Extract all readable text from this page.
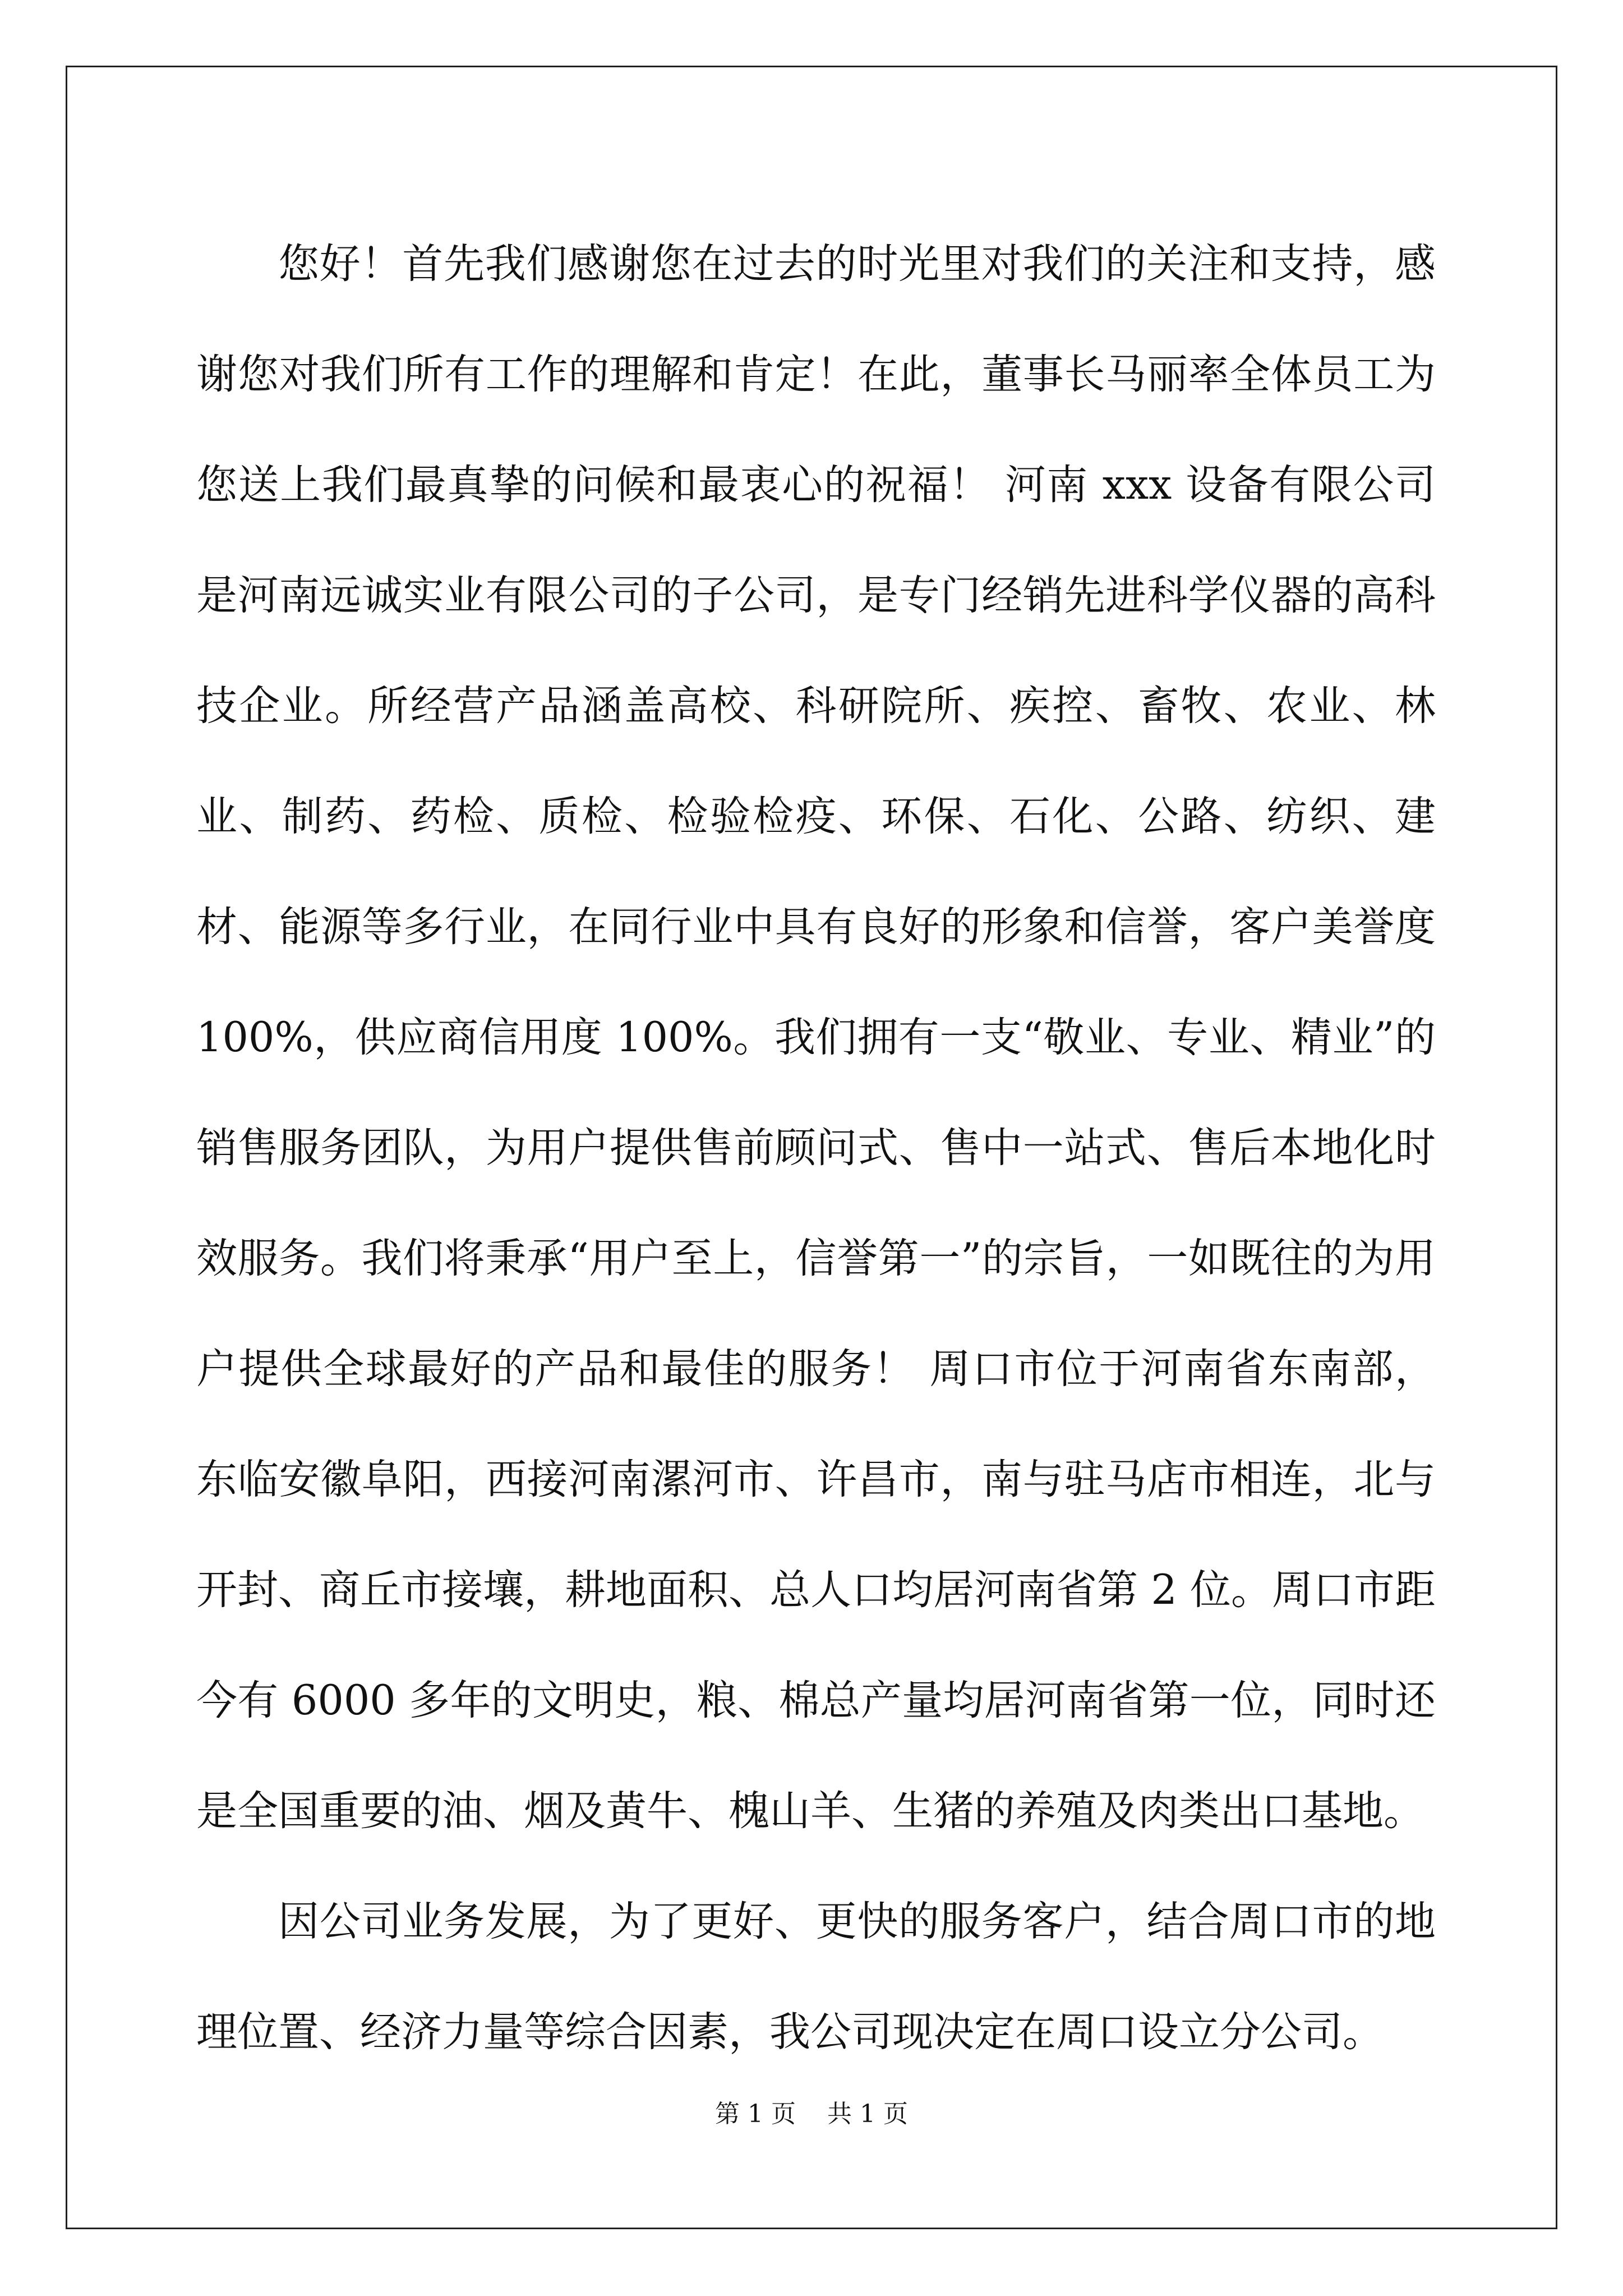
您好！首先我们感谢您在过去的时光里对我们的关注和支持，感谢您对我们所有工作的理解和肯定！在此，董事长马丽率全体员工为您送上我们最真挚的问候和最衷心的祝福！ 河南 xxx 设备有限公司是河南远诚实业有限公司的子公司，是专门经销先进科学仪器的高科技企业。所经营产品涵盖高校、科研院所、疾控、畜牧、农业、林业、制药、药检、质检、检验检疫、环保、石化、公路、纺织、建材、能源等多行业，在同行业中具有良好的形象和信誉，客户美誉度 100%，供应商信用度 100%。我们拥有一支“敬业、专业、精业”的销售服务团队，为用户提供售前顾问式、售中一站式、售后本地化时效服务。我们将秉承“用户至上，信誉第一”的宗旨，一如既往的为用户提供全球最好的产品和最佳的服务！ 周口市位于河南省东南部，东临安徽阜阳，西接河南漯河市、许昌市，南与驻马店市相连，北与开封、商丘市接壤，耕地面积、总人口均居河南省第 2 位。周口市距今有 6000 多年的文明史，粮、棉总产量均居河南省第一位，同时还是全国重要的油、烟及黄牛、槐山羊、生猪的养殖及肉类出口基地。

因公司业务发展，为了更好、更快的服务客户，结合周口市的地理位置、经济力量等综合因素，我公司现决定在周口设立分公司。

第 1 页 共 1 页
